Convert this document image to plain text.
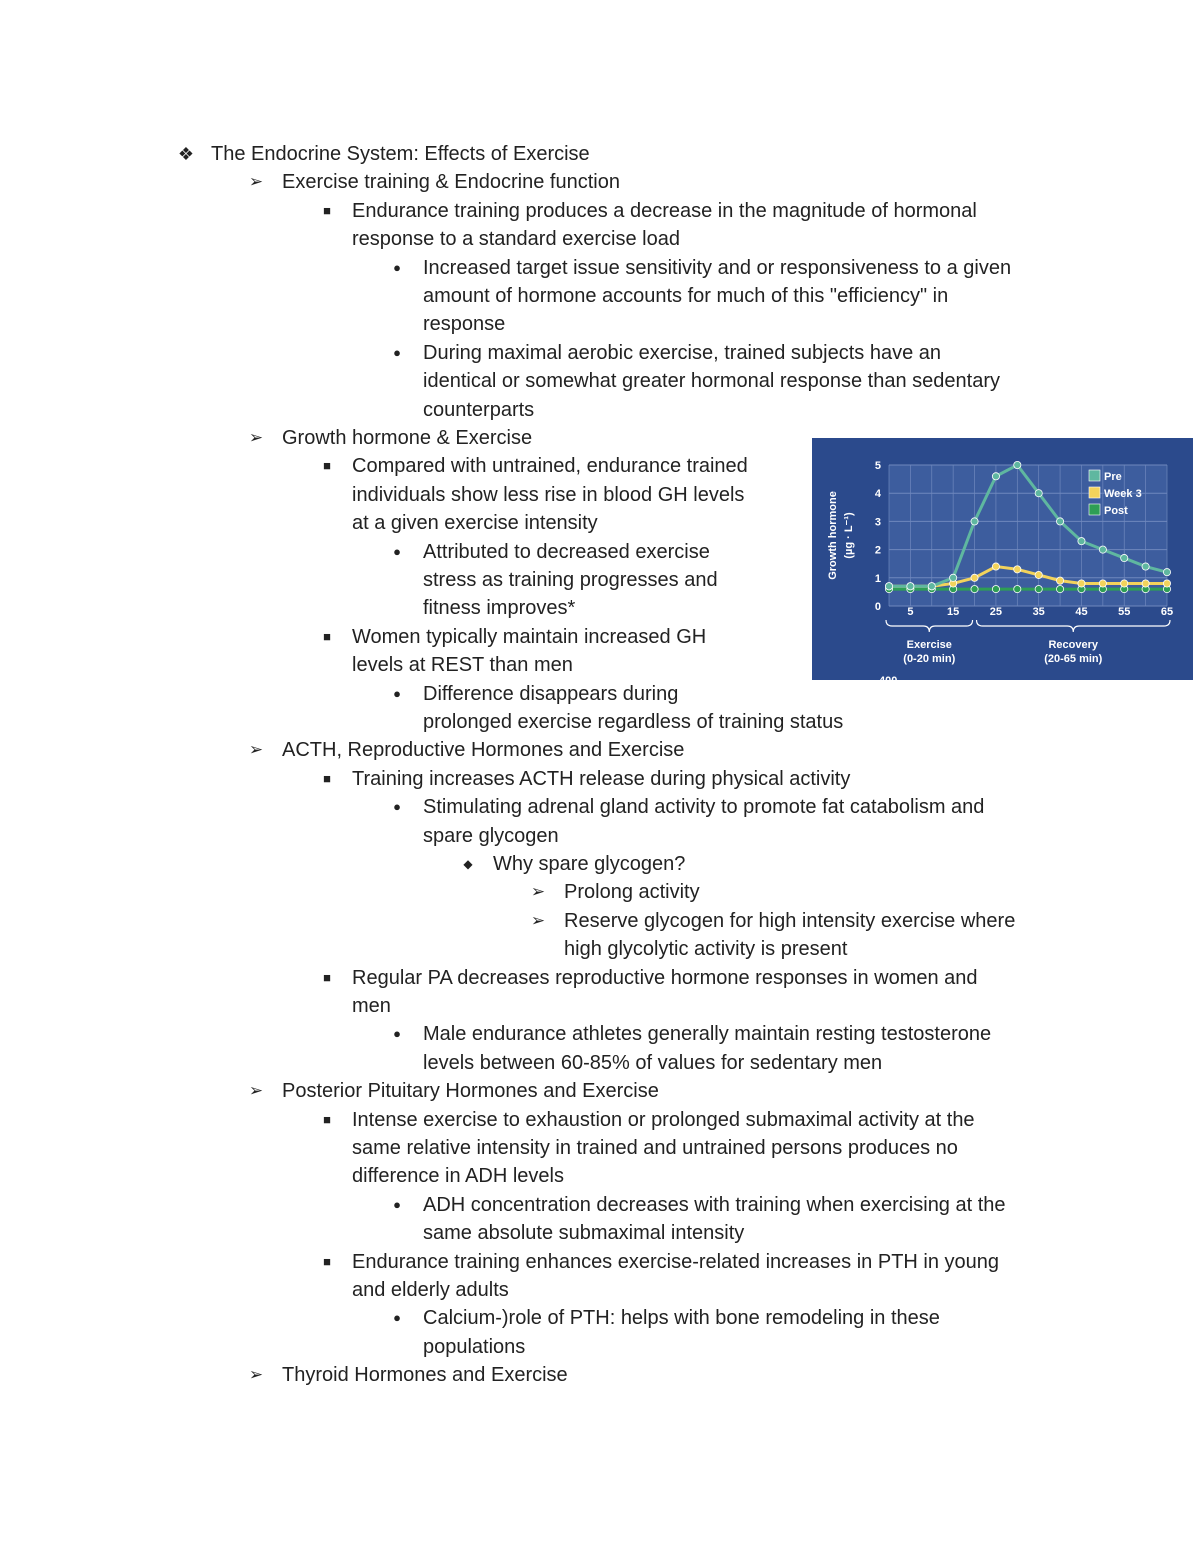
❖ The Endocrine System: Effects of Exercise
➢ Exercise training & Endocrine function
■	Endurance training produces a decrease in the magnitude of hormonal
response to a standard exercise load
●	Increased target issue sensitivity and or responsiveness to a given
amount of hormone accounts for much of this "efficiency" in
response
●	During maximal aerobic exercise, trained subjects have an
identical or somewhat greater hormonal response than sedentary
counterparts
➢ Growth hormone & Exercise
■	Compared with untrained, endurance trained
individuals show less rise in blood GH levels
at a given exercise intensity
●	Attributed to decreased exercise
stress as training progresses and
fitness improves*
■	Women typically maintain increased GH
levels at REST than men
●	Difference disappears during
prolonged exercise regardless of training status
➢ ACTH, Reproductive Hormones and Exercise
■	Training increases ACTH release during physical activity
●	Stimulating adrenal gland activity to promote fat catabolism and
spare glycogen
◆ Why spare glycogen?
➢ Prolong activity
➢ Reserve glycogen for high intensity exercise where
high glycolytic activity is present
■	Regular PA decreases reproductive hormone responses in women and
men
●	Male endurance athletes generally maintain resting testosterone
levels between 60-85% of values for sedentary men
➢ Posterior Pituitary Hormones and Exercise
■	Intense exercise to exhaustion or prolonged submaximal activity at the
same relative intensity in trained and untrained persons produces no
difference in ADH levels
●	ADH concentration decreases with training when exercising at the
same absolute submaximal intensity
■	Endurance training enhances exercise-related increases in PTH in young
and elderly adults
●	Calcium-)role of PTH: helps with bone remodeling in these
populations
➢ Thyroid Hormones and Exercise
0
1
2
3
4
5
5	15	25	35	45	55	65
Growth hormone (µg · L⁻¹)
Pre
Week 3
Post
Exercise
(0-20 min)
Recovery
(20-65 min)
400
